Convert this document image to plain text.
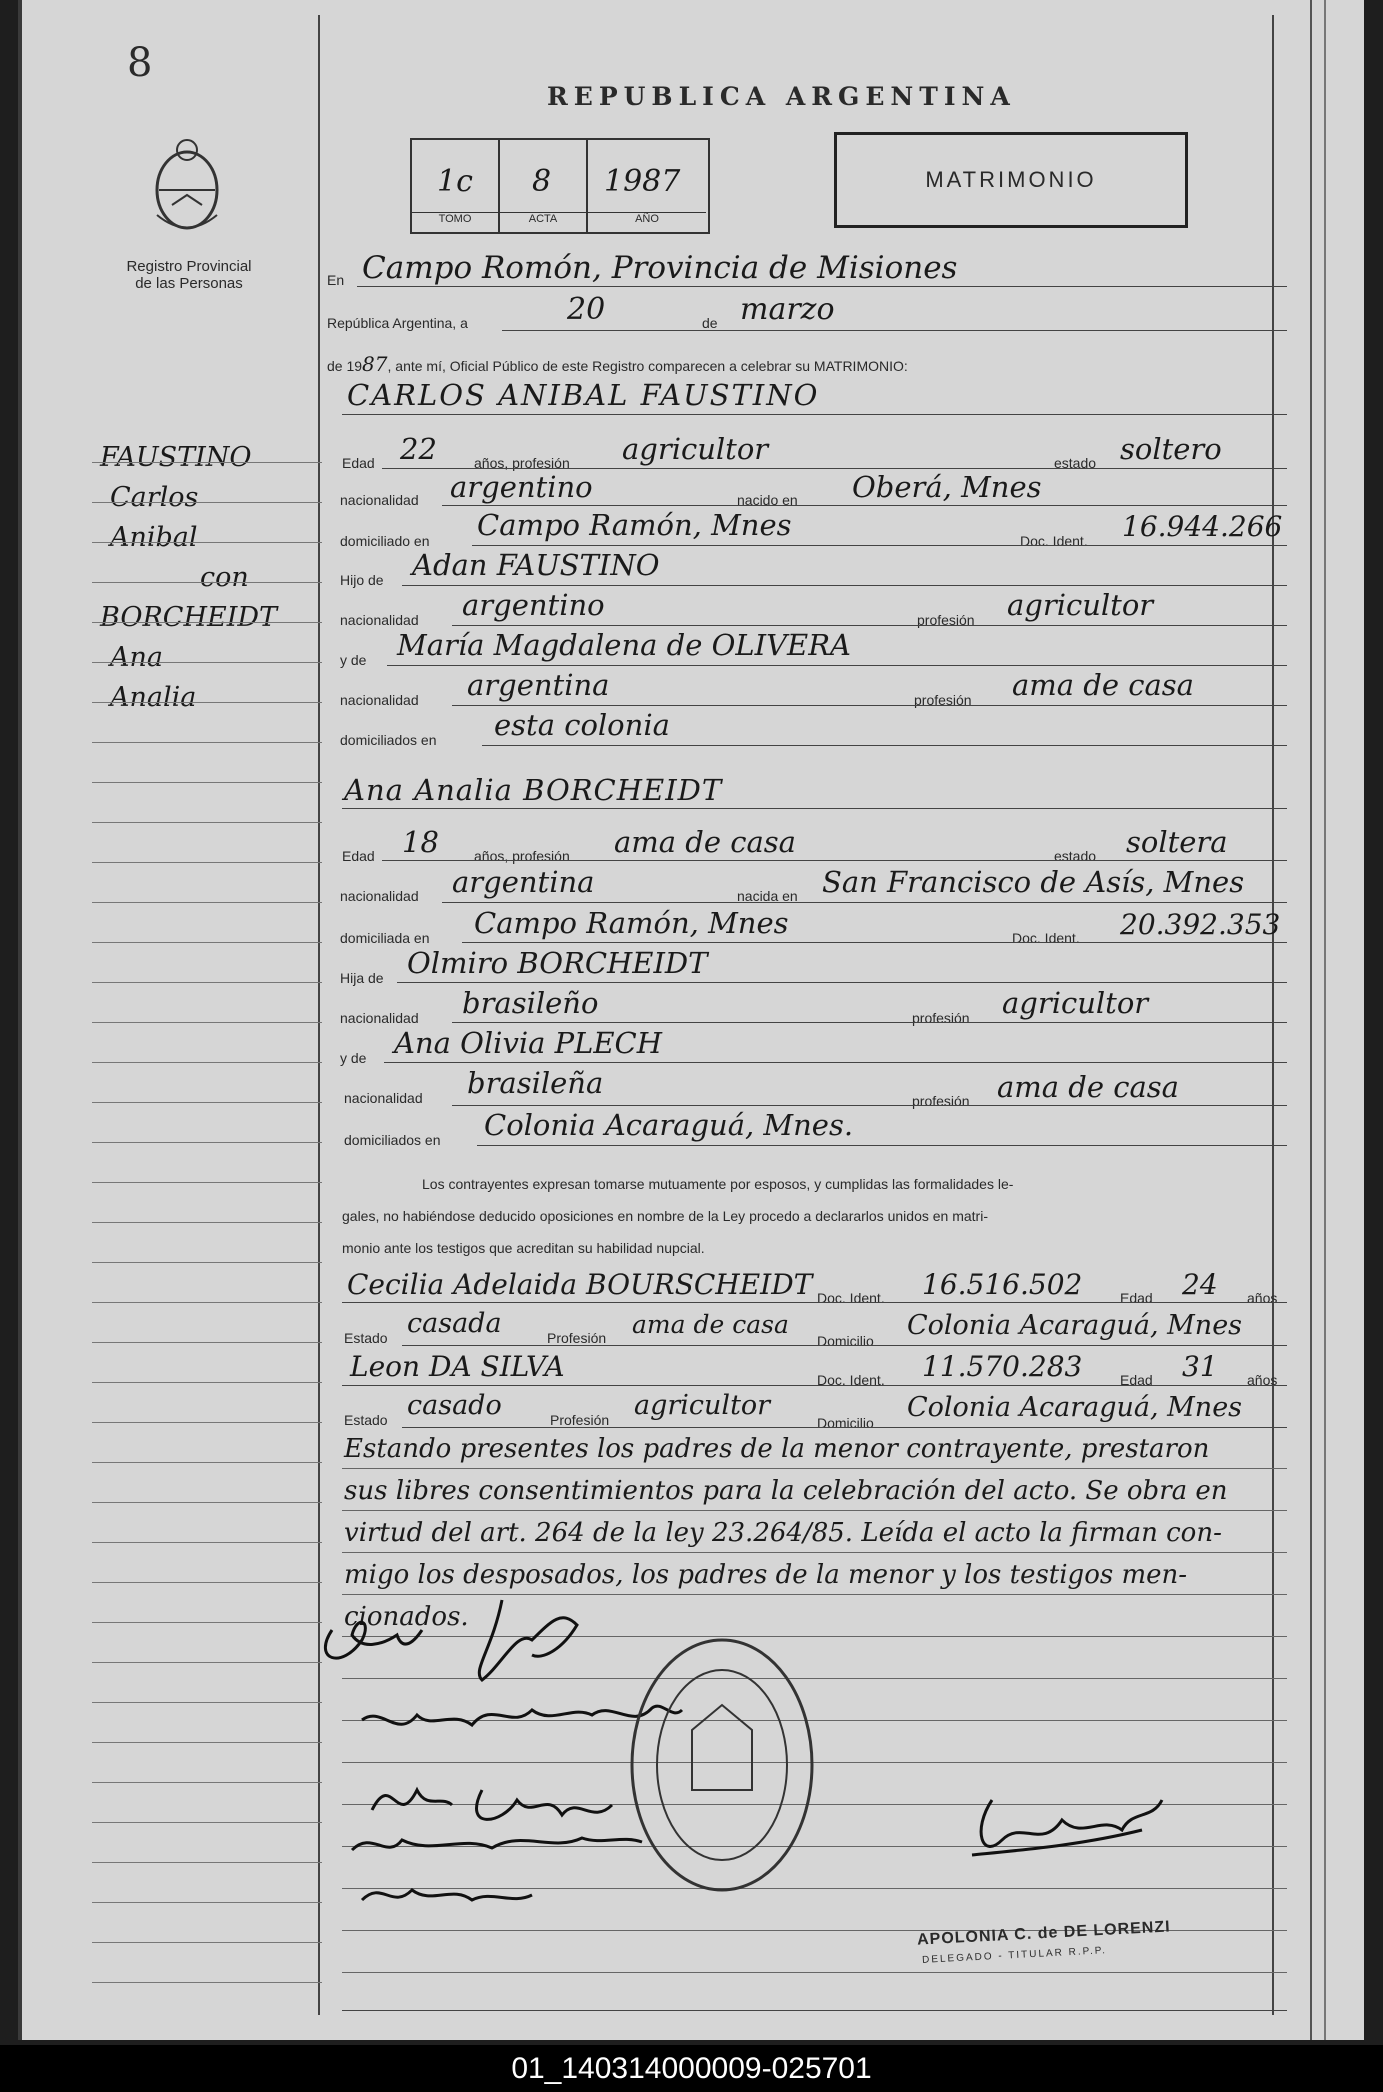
8
Registro Provincial
de las Personas
REPUBLICA ARGENTINA
1c
TOMO
8
ACTA
1987
AÑO
MATRIMONIO
FAUSTINO
Carlos
Anibal
con
BORCHEIDT
Ana
Analia
En Campo Romón, Provincia de Misiones
República Argentina, a	20	de marzo
de 1987, ante mí, Oficial Público de este Registro comparecen a celebrar su MATRIMONIO:
CARLOS ANIBAL FAUSTINO
Edad 22	años, profesión agricultor	estado soltero
nacionalidad argentino	nacido en Oberá, Mnes
domiciliado en Campo Ramón, Mnes	Doc. Ident. 16.944.266
Hijo de Adan FAUSTINO
nacionalidad argentino	profesión agricultor
y de María Magdalena de OLIVERA
nacionalidad argentina	profesión ama de casa
domiciliados en esta colonia
Ana Analia BORCHEIDT
Edad 18	años, profesión ama de casa	estado soltera
nacionalidad argentina	nacida en San Francisco de Asís, Mnes
domiciliada en Campo Ramón, Mnes	Doc. Ident. 20.392.353
Hija de Olmiro BORCHEIDT
nacionalidad brasileño	profesión agricultor
y de Ana Olivia PLECH
nacionalidad brasileña
profesión ama de casa
domiciliados en Colonia Acaraguá, Mnes.
Los contrayentes expresan tomarse mutuamente por esposos, y cumplidas las formalidades le-
gales, no habiéndose deducido oposiciones en nombre de la Ley procedo a declararlos unidos en matri-
monio ante los testigos que acreditan su habilidad nupcial.
Cecilia Adelaida BOURSCHEIDT Doc. Ident. 16.516.502	Edad 24 años
Estado casada	Profesión ama de casa
Domicilio Colonia Acaraguá, Mnes
Leon DA SILVA	Doc. Ident. 11.570.283	Edad 31 años
Estado casado	Profesión agricultor
Domicilio Colonia Acaraguá, Mnes
Estando presentes los padres de la menor contrayente, prestaron
sus libres consentimientos para la celebración del acto. Se obra en
virtud del art. 264 de la ley 23.264/85. Leída el acto la firman con-
migo los desposados, los padres de la menor y los testigos men-
cionados.
APOLONIA C. de DE LORENZI
DELEGADO - TITULAR R.P.P.
01_140314000009-025701
